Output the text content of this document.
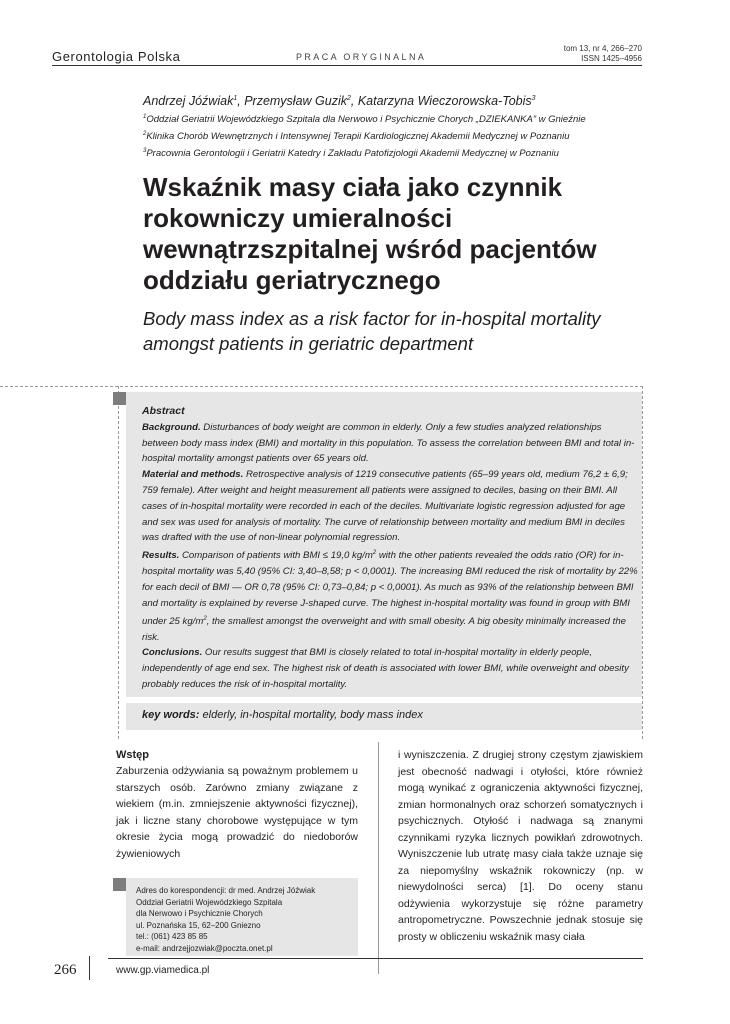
Gerontologia Polska	PRACA ORYGINALNA
tom 13, nr 4, 266–270
ISSN 1425–4956
Andrzej Jóźwiak$^1$, Przemysław Guzik$^2$, Katarzyna Wieczorowska-Tobis$^3$
$^1$Oddział Geriatrii Wojewódzkiego Szpitala dla Nerwowo i Psychicznie Chorych „DZIEKANKA” w Gnieźnie
$^2$Klinika Chorób Wewnętrznych i Intensywnej Terapii Kardiologicznej Akademii Medycznej w Poznaniu
$^3$Pracownia Gerontologii i Geriatrii Katedry i Zakładu Patofizjologii Akademii Medycznej w Poznaniu
Wskaźnik masy ciała jako czynnik rokowniczy umieralności wewnątrzszpitalnej wśród pacjentów oddziału geriatrycznego
Body mass index as a risk factor for in-hospital mortality amongst patients in geriatric department

Abstract

Background. Disturbances of body weight are common in elderly. Only a few studies analyzed relationships between body mass index (BMI) and mortality in this population. To assess the correlation between BMI and total in-hospital mortality amongst patients over 65 years old.

Material and methods. Retrospective analysis of 1219 consecutive patients (65–99 years old, medium 76,2 ± 6,9; 759 female). After weight and height measurement all patients were assigned to deciles, basing on their BMI. All cases of in-hospital mortality were recorded in each of the deciles. Multivariate logistic regression adjusted for age and sex was used for analysis of mortality. The curve of relationship between mortality and medium BMI in deciles was drafted with the use of non-linear polynomial regression.

Results. Comparison of patients with BMI ≤ 19,0 $kg/m^2$ with the other patients revealed the odds ratio (OR) for in-hospital mortality was 5,40 (95% CI: 3,40–8,58; p < 0,0001). The increasing BMI reduced the risk of mortality by 22% for each decil of BMI — OR 0,78 (95% CI: 0,73–0,84; p < 0,0001). As much as 93% of the relationship between BMI and mortality is explained by reverse J-shaped curve. The highest in-hospital mortality was found in group with BMI under 25 $kg/m^2$, the smallest amongst the overweight and with small obesity. A big obesity minimally increased the risk.

Conclusions. Our results suggest that BMI is closely related to total in-hospital mortality in elderly people, independently of age end sex. The highest risk of death is associated with lower BMI, while overweight and obesity probably reduces the risk of in-hospital mortality.

key words: elderly, in-hospital mortality, body mass index
Wstęp

Zaburzenia odżywiania są poważnym problemem u starszych osób. Zarówno zmiany związane z wiekiem (m.in. zmniejszenie aktywności fizycznej), jak i liczne stany chorobowe występujące w tym okresie życia mogą prowadzić do niedoborów żywieniowych

i wyniszczenia. Z drugiej strony częstym zjawiskiem jest obecność nadwagi i otyłości, które również mogą wynikać z ograniczenia aktywności fizycznej, zmian hormonalnych oraz schorzeń somatycznych i psychicznych. Otyłość i nadwaga są znanymi czynnikami ryzyka licznych powikłań zdrowotnych. Wyniszczenie lub utratę masy ciała także uznaje się za niepomyślny wskaźnik rokowniczy (np. w niewydolności serca) [1]. Do oceny stanu odżywienia wykorzystuje się różne parametry antropometryczne. Powszechnie jednak stosuje się prosty w obliczeniu wskaźnik masy ciała

Adres do korespondencji: dr med. Andrzej Jóźwiak
Oddział Geriatrii Wojewódzkiego Szpitala
dla Nerwowo i Psychicznie Chorych
ul. Poznańska 15, 62–200 Gniezno
tel.: (061) 423 85 85
e-mail: andrzejjozwiak@poczta.onet.pl
266	www.gp.viamedica.pl
